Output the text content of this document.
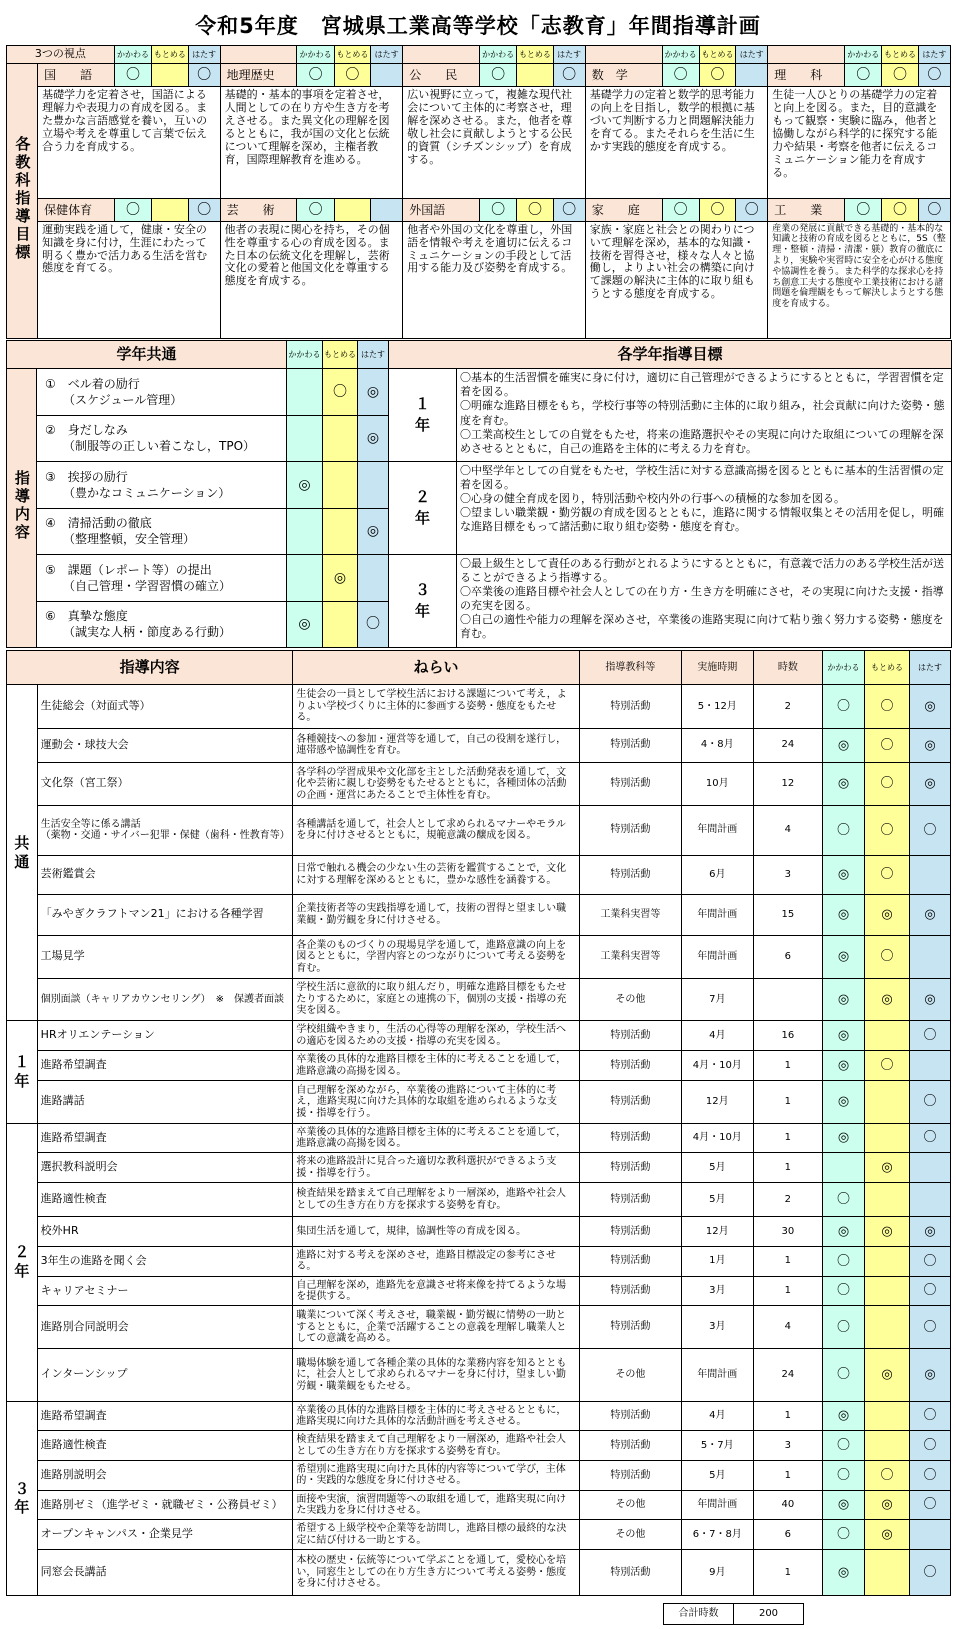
令和5年度　宮城県工業高等学校「志教育」年間指導計画
3つの視点		かかわる	もとめる	はたす		かかわる	もとめる	はたす		かかわる	もとめる	はたす		かかわる	もとめる	はたす		かかわる	もとめる	はたす
各教科指導目標	国　　語	〇		〇	地理歴史	〇	〇		公　　民	〇		〇	数　学	〇	〇		理　　科	〇	〇	〇
	基礎学力を定着させ，国語による理解力や表現力の育成を図る。また豊かな言語感覚を養い，互いの立場や考えを尊重して言葉で伝え合う力を育成する。				基礎的・基本的事項を定着させ，人間としての在り方や生き方を考えさせる。また異文化の理解を図るとともに，我が国の文化と伝統について理解を深め，主権者教育，国際理解教育を進める。				広い視野に立って，複雑な現代社会について主体的に考察させ，理解を深めさせる。また，他者を尊敬し社会に貢献しようとする公民的資質（シチズンシップ）を育成する。				基礎学力の定着と数学的思考能力の向上を目指し，数学的根拠に基づいて判断する力と問題解決能力を育てる。またそれらを生活に生かす実践的態度を育成する。				生徒一人ひとりの基礎学力の定着と向上を図る。また，目的意識をもって観察・実験に臨み，他者と協働しながら科学的に探究する能力や結果・考察を他者に伝えるコミュニケーション能力を育成する。			
	保健体育	〇		〇	芸　　術	〇			外国語	〇	〇	〇	家　　庭	〇	〇	〇	工　　業	〇	〇	〇
	運動実践を通して，健康・安全の知識を身に付け，生涯にわたって明るく豊かで活力ある生活を営む態度を育てる。				他者の表現に関心を持ち，その個性を尊重する心の育成を図る。また日本の伝統文化を理解し，芸術文化の愛着と他国文化を尊重する態度を育成する。				他者や外国の文化を尊重し，外国語を情報や考えを適切に伝えるコミュニケーションの手段として活用する能力及び姿勢を育成する。				家族・家庭と社会との関わりについて理解を深め，基本的な知識・技術を習得させ，様々な人々と協働し，よりよい社会の構築に向けて課題の解決に主体的に取り組もうとする態度を育成する。				産業の発展に貢献できる基礎的・基本的な知識と技術の育成を図るとともに，5S（整理・整頓・清掃・清潔・躾）教育の徹底により，実験や実習時に安全を心がける態度や協調性を養う。また科学的な探求心を持ち創意工夫する態度や工業技術における諸問題を倫理観をもって解決しようとする態度を育成する。			
学年共通		かかわる	もとめる	はたす	各学年指導目標	
指導内容	①　 ベル着の励行
　　（スケジュール管理）		〇	◎	１年	〇基本的生活習慣を確実に身に付け，適切に自己管理ができるようにするとともに，学習習慣を定着を図る。
〇明確な進路目標をもち，学校行事等の特別活動に主体的に取り組み，社会貢献に向けた姿勢・態度を育む。
〇工業高校生としての自覚をもたせ，将来の進路選択やその実現に向けた取組についての理解を深めさせるとともに，自己の進路を主体的に考える力を育む。
	②　 身だしなみ
　　（制服等の正しい着こなし，TPO）			◎		
	③　 挨拶の励行
　　（豊かなコミュニケーション）	◎			２年	〇中堅学年としての自覚をもたせ，学校生活に対する意識高揚を図るとともに基本的生活習慣の定着を図る。
〇心身の健全育成を図り，特別活動や校内外の行事への積極的な参加を図る。
〇望ましい職業観・勤労観の育成を図るとともに，進路に関する情報収集とその活用を促し，明確な進路目標をもって諸活動に取り組む姿勢・態度を育む。
	④　 清掃活動の徹底
　　（整理整頓，安全管理）			◎		
	⑤　 課題（レポート等）の提出
　　（自己管理・学習習慣の確立）		◎		３年	〇最上級生として責任のある行動がとれるようにするとともに，有意義で活力のある学校生活が送ることができるよう指導する。
〇卒業後の進路目標や社会人としての在り方・生き方を明確にさせ，その実現に向けた支援・指導の充実を図る。
〇自己の適性や能力の理解を深めさせ，卒業後の進路実現に向けて粘り強く努力する姿勢・態度を育む。
	⑥　 真摯な態度
　　（誠実な人柄・節度ある行動）	◎		〇		
指導内容		ねらい	指導教科等	実施時期	時数	かかわる	もとめる	はたす
共通	生徒総会（対面式等）	生徒会の一員として学校生活における課題について考え，よりよい学校づくりに主体的に参画する姿勢・態度をもたせる。	特別活動	5・12月	2	〇	〇	◎
	運動会・球技大会	各種競技への参加・運営等を通して，自己の役割を遂行し，連帯感や協調性を育む。	特別活動	4・8月	24	◎	〇	◎
	文化祭（宮工祭）	各学科の学習成果や文化部を主とした活動発表を通して，文化や芸術に親しむ姿勢をもたせるとともに，各種団体の活動の企画・運営にあたることで主体性を育む。	特別活動	10月	12	◎	〇	◎
	生活安全等に係る講話
（薬物・交通・サイバー犯罪・保健（歯科・性教育等）	各種講話を通して，社会人として求められるマナーやモラルを身に付けさせるとともに，規範意識の醸成を図る。	特別活動	年間計画	4	〇	〇	〇
	芸術鑑賞会	日常で触れる機会の少ない生の芸術を鑑賞することで，文化に対する理解を深めるとともに，豊かな感性を涵養する。	特別活動	6月	3	◎	〇	
	「みやぎクラフトマン21」における各種学習	企業技術者等の実践指導を通して，技術の習得と望ましい職業観・勤労観を身に付けさせる。	工業科実習等	年間計画	15	◎	◎	◎
	工場見学	各企業のものづくりの現場見学を通して，進路意識の向上を図るとともに，学習内容とのつながりについて考える姿勢を育む。	工業科実習等	年間計画	6	◎	〇	
	個別面談（キャリアカウンセリング）　※　保護者面談	学校生活に意欲的に取り組んだり，明確な進路目標をもたせたりするために，家庭との連携の下，個別の支援・指導の充実を図る。	その他	7月		◎	◎	◎
１年	HRオリエンテーション	学校組織やきまり，生活の心得等の理解を深め，学校生活への適応を図るための支援・指導の充実を図る。	特別活動	4月	16	◎		〇
	進路希望調査	卒業後の具体的な進路目標を主体的に考えることを通して，進路意識の高揚を図る。	特別活動	4月・10月	1	◎	〇	
	進路講話	自己理解を深めながら，卒業後の進路について主体的に考え，進路実現に向けた具体的な取組を進められるような支援・指導を行う。	特別活動	12月	1	◎		〇
２年	進路希望調査	卒業後の具体的な進路目標を主体的に考えることを通して，進路意識の高揚を図る。	特別活動	4月・10月	1	◎		〇
	選択教科説明会	将来の進路設計に見合った適切な教科選択ができるよう支援・指導を行う。	特別活動	5月	1		◎	
	進路適性検査	検査結果を踏まえて自己理解をより一層深め，進路や社会人としての生き方在り方を探求する姿勢を育む。	特別活動	5月	2	〇		
	校外HR	集団生活を通して，規律，協調性等の育成を図る。	特別活動	12月	30	◎	◎	◎
	3年生の進路を聞く会	進路に対する考えを深めさせ，進路目標設定の参考にさせる。	特別活動	1月	1	〇		〇
	キャリアセミナー	自己理解を深め，進路先を意識させ将来像を持てるような場を提供する。	特別活動	3月	1	〇		〇
	進路別合同説明会	職業について深く考えさせ，職業観・勤労観に情勢の一助とするとともに，企業で活躍することの意義を理解し職業人としての意識を高める。	特別活動	3月	4	〇		〇
	インターンシップ	職場体験を通して各種企業の具体的な業務内容を知るとともに，社会人として求められるマナーを身に付け，望ましい勤労観・職業観をもたせる。	その他	年間計画	24	〇	◎	◎
３年	進路希望調査	卒業後の具体的な進路目標を主体的に考えさせるとともに，進路実現に向けた具体的な活動計画を考えさせる。	特別活動	4月	1	◎		〇
	進路適性検査	検査結果を踏まえて自己理解をより一層深め，進路や社会人としての生き方在り方を探求する姿勢を育む。	特別活動	5・7月	3	〇		〇
	進路別説明会	希望別に進路実現に向けた具体的内容等について学び，主体的・実践的な態度を身に付けさせる。	特別活動	5月	1	〇	〇	〇
	進路別ゼミ（進学ゼミ・就職ゼミ・公務員ゼミ）	面接や実演，演習問題等への取組を通して，進路実現に向けた実践力を身に付けさせる。	その他	年間計画	40	◎	◎	〇
	オープンキャンパス・企業見学	希望する上級学校や企業等を訪問し，進路目標の最終的な決定に結び付ける一助とする。	その他	6・7・8月	6	〇	◎	
	同窓会長講話	本校の歴史・伝統等について学ぶことを通して，愛校心を培い，同窓生としての在り方生き方について考える姿勢・態度を身に付けさせる。	特別活動	9月	1	◎		〇
合計時数	200
